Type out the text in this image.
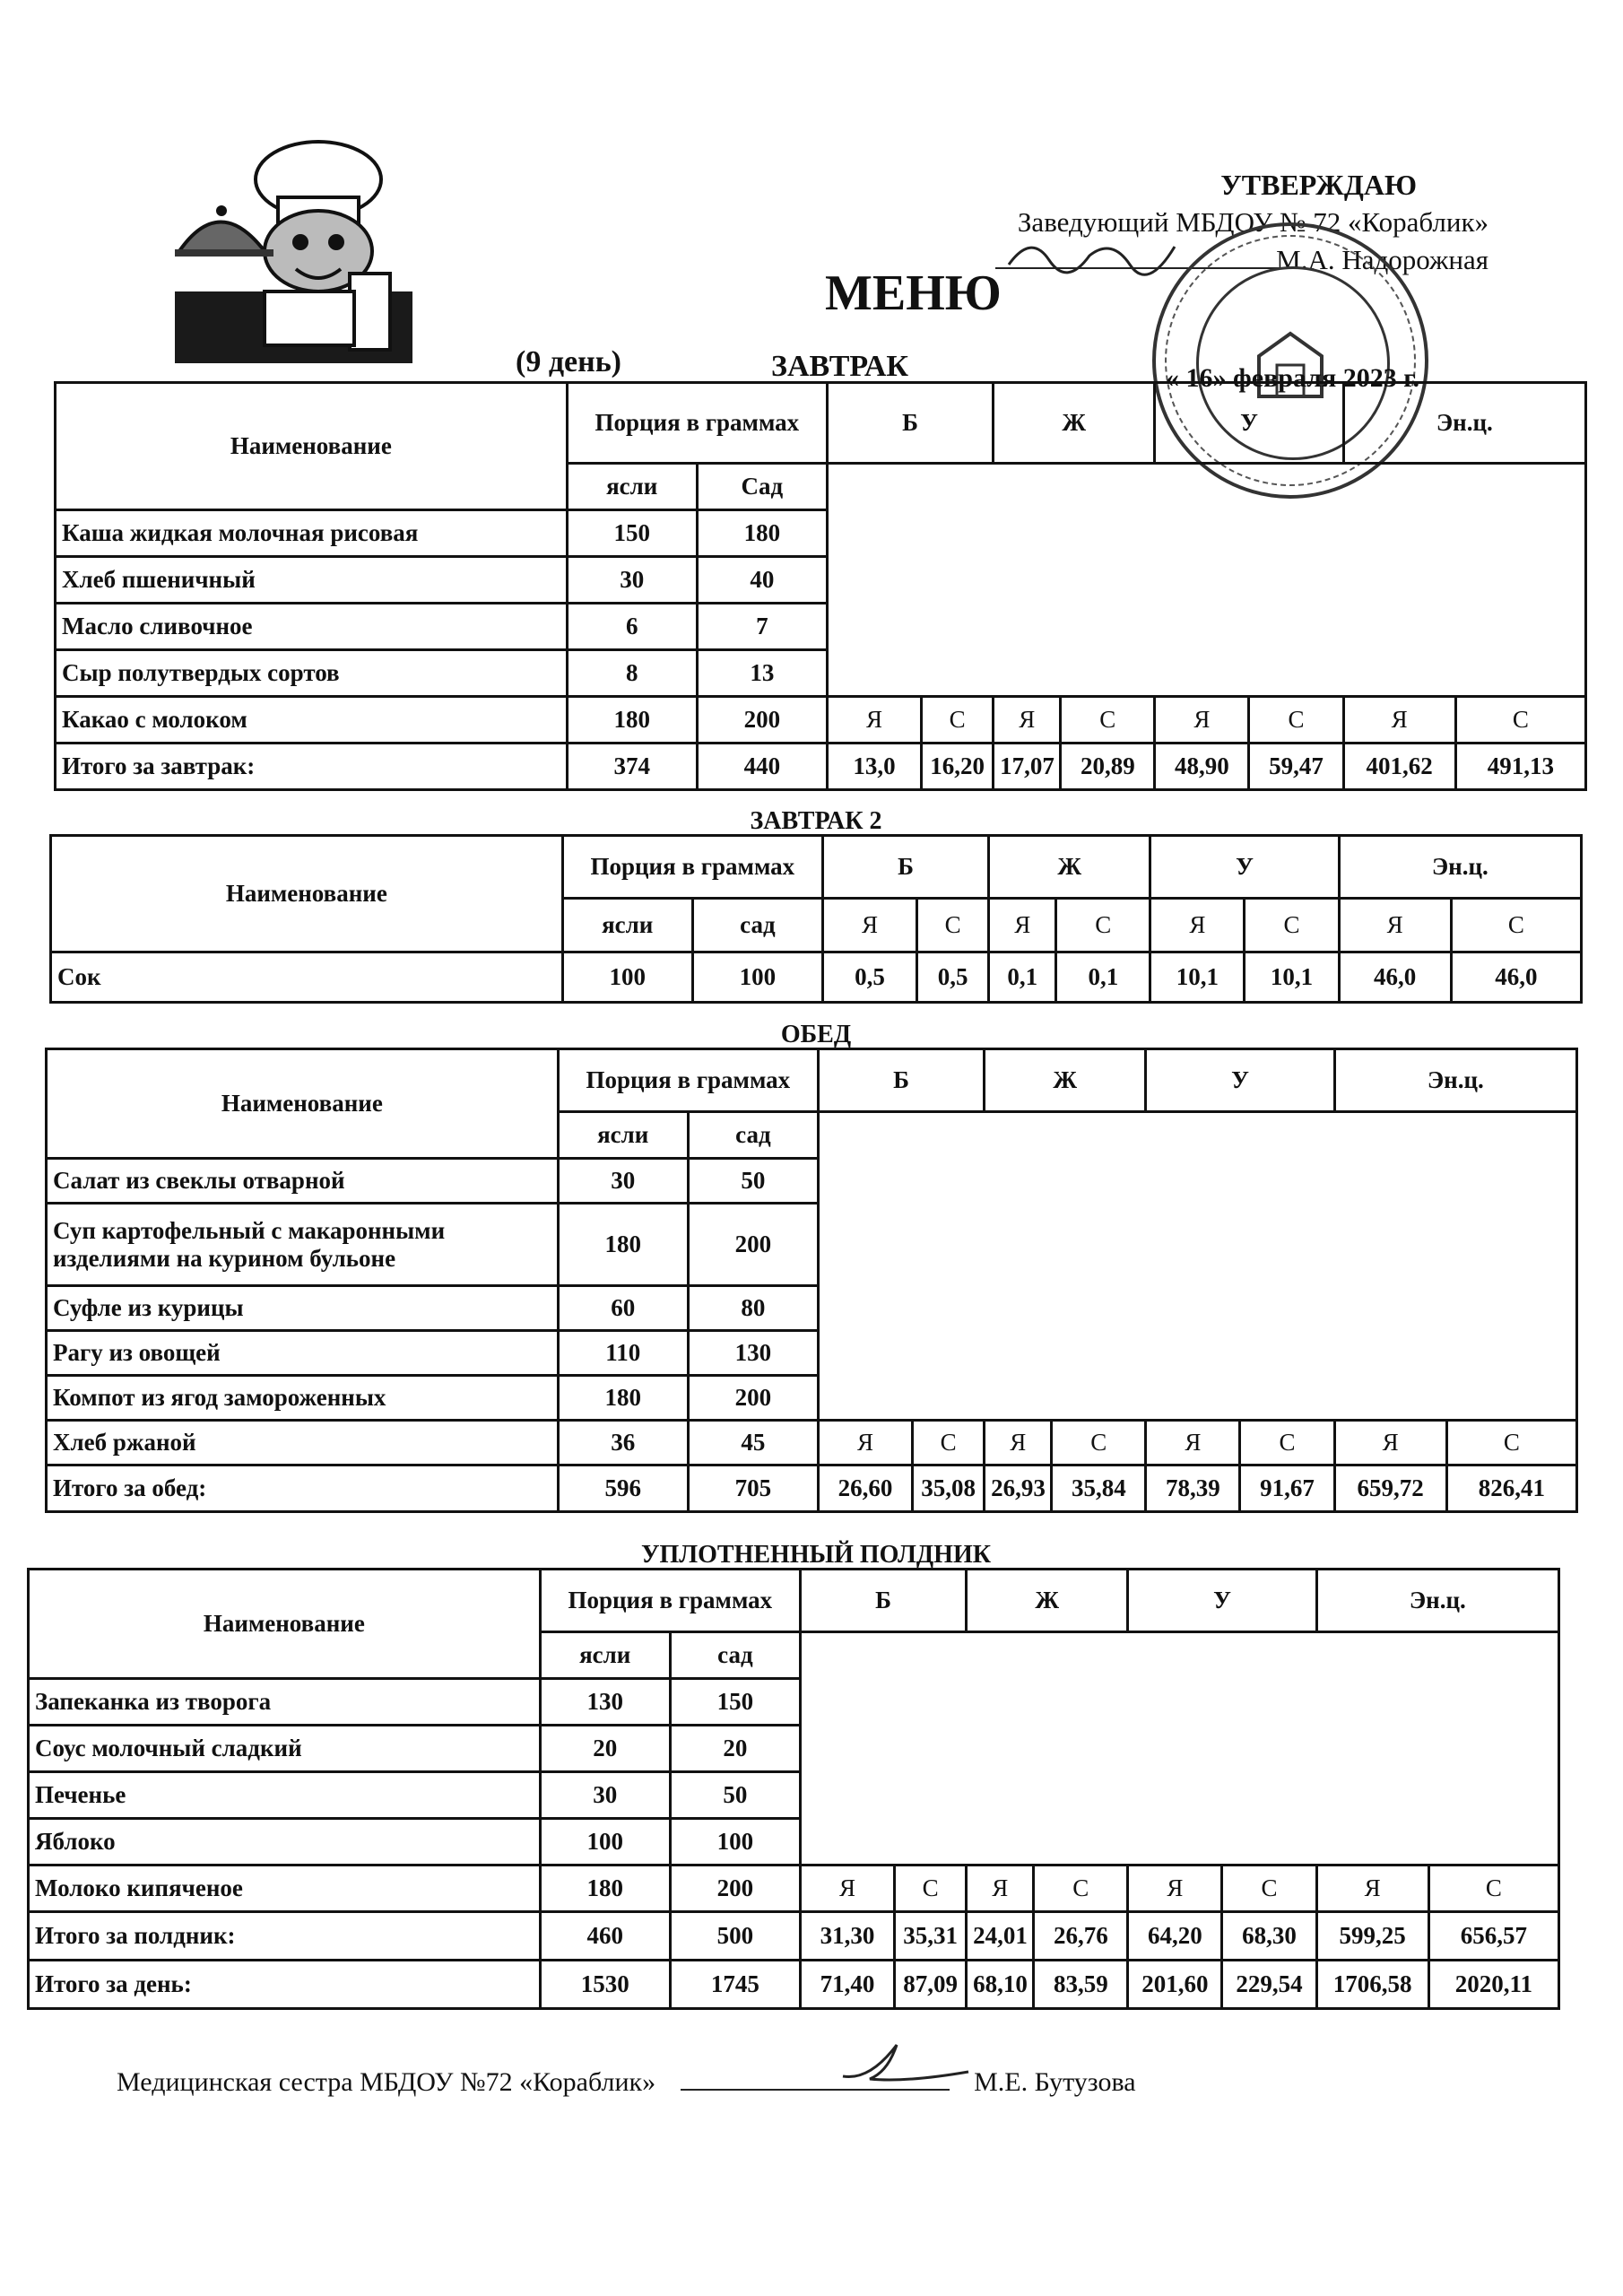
УТВЕРЖДАЮ
Заведующий МБДОУ № 72 «Кораблик»
М.А. Надорожная
МЕНЮ
(9 день)	ЗАВТРАК	« 16» февраля 2023 г.
Наименование	Порция в граммах		Б		Ж		У		Эн.ц.	
	ясли	Сад								
Каша жидкая молочная рисовая	150	180								
Хлеб пшеничный	30	40								
Масло сливочное	6	7								
Сыр полутвердых сортов	8	13								
Какао с молоком	180	200	Я	С	Я	С	Я	С	Я	С
Итого за завтрак:	374	440	13,0	16,20	17,07	20,89	48,90	59,47	401,62	491,13
ЗАВТРАК 2
Наименование	Порция в граммах		Б		Ж		У		Эн.ц.	
	ясли	сад	Я	С	Я	С	Я	С	Я	С
Сок	100	100	0,5	0,5	0,1	0,1	10,1	10,1	46,0	46,0
ОБЕД
Наименование	Порция в граммах		Б		Ж		У		Эн.ц.	
	ясли	сад								
Салат из свеклы отварной	30	50								
Суп картофельный с макаронными изделиями на курином бульоне	180	200								
Суфле из курицы	60	80								
Рагу из овощей	110	130								
Компот из ягод замороженных	180	200								
Хлеб ржаной	36	45	Я	С	Я	С	Я	С	Я	С
Итого за обед:	596	705	26,60	35,08	26,93	35,84	78,39	91,67	659,72	826,41
УПЛОТНЕННЫЙ ПОЛДНИК
Наименование	Порция в граммах		Б		Ж		У		Эн.ц.	
	ясли	сад								
Запеканка из творога	130	150								
Соус молочный сладкий	20	20								
Печенье	30	50								
Яблоко	100	100								
Молоко кипяченое	180	200	Я	С	Я	С	Я	С	Я	С
Итого за полдник:	460	500	31,30	35,31	24,01	26,76	64,20	68,30	599,25	656,57
Итого за день:	1530	1745	71,40	87,09	68,10	83,59	201,60	229,54	1706,58	2020,11
Медицинская сестра МБДОУ №72 «Кораблик»	М.Е. Бутузова
